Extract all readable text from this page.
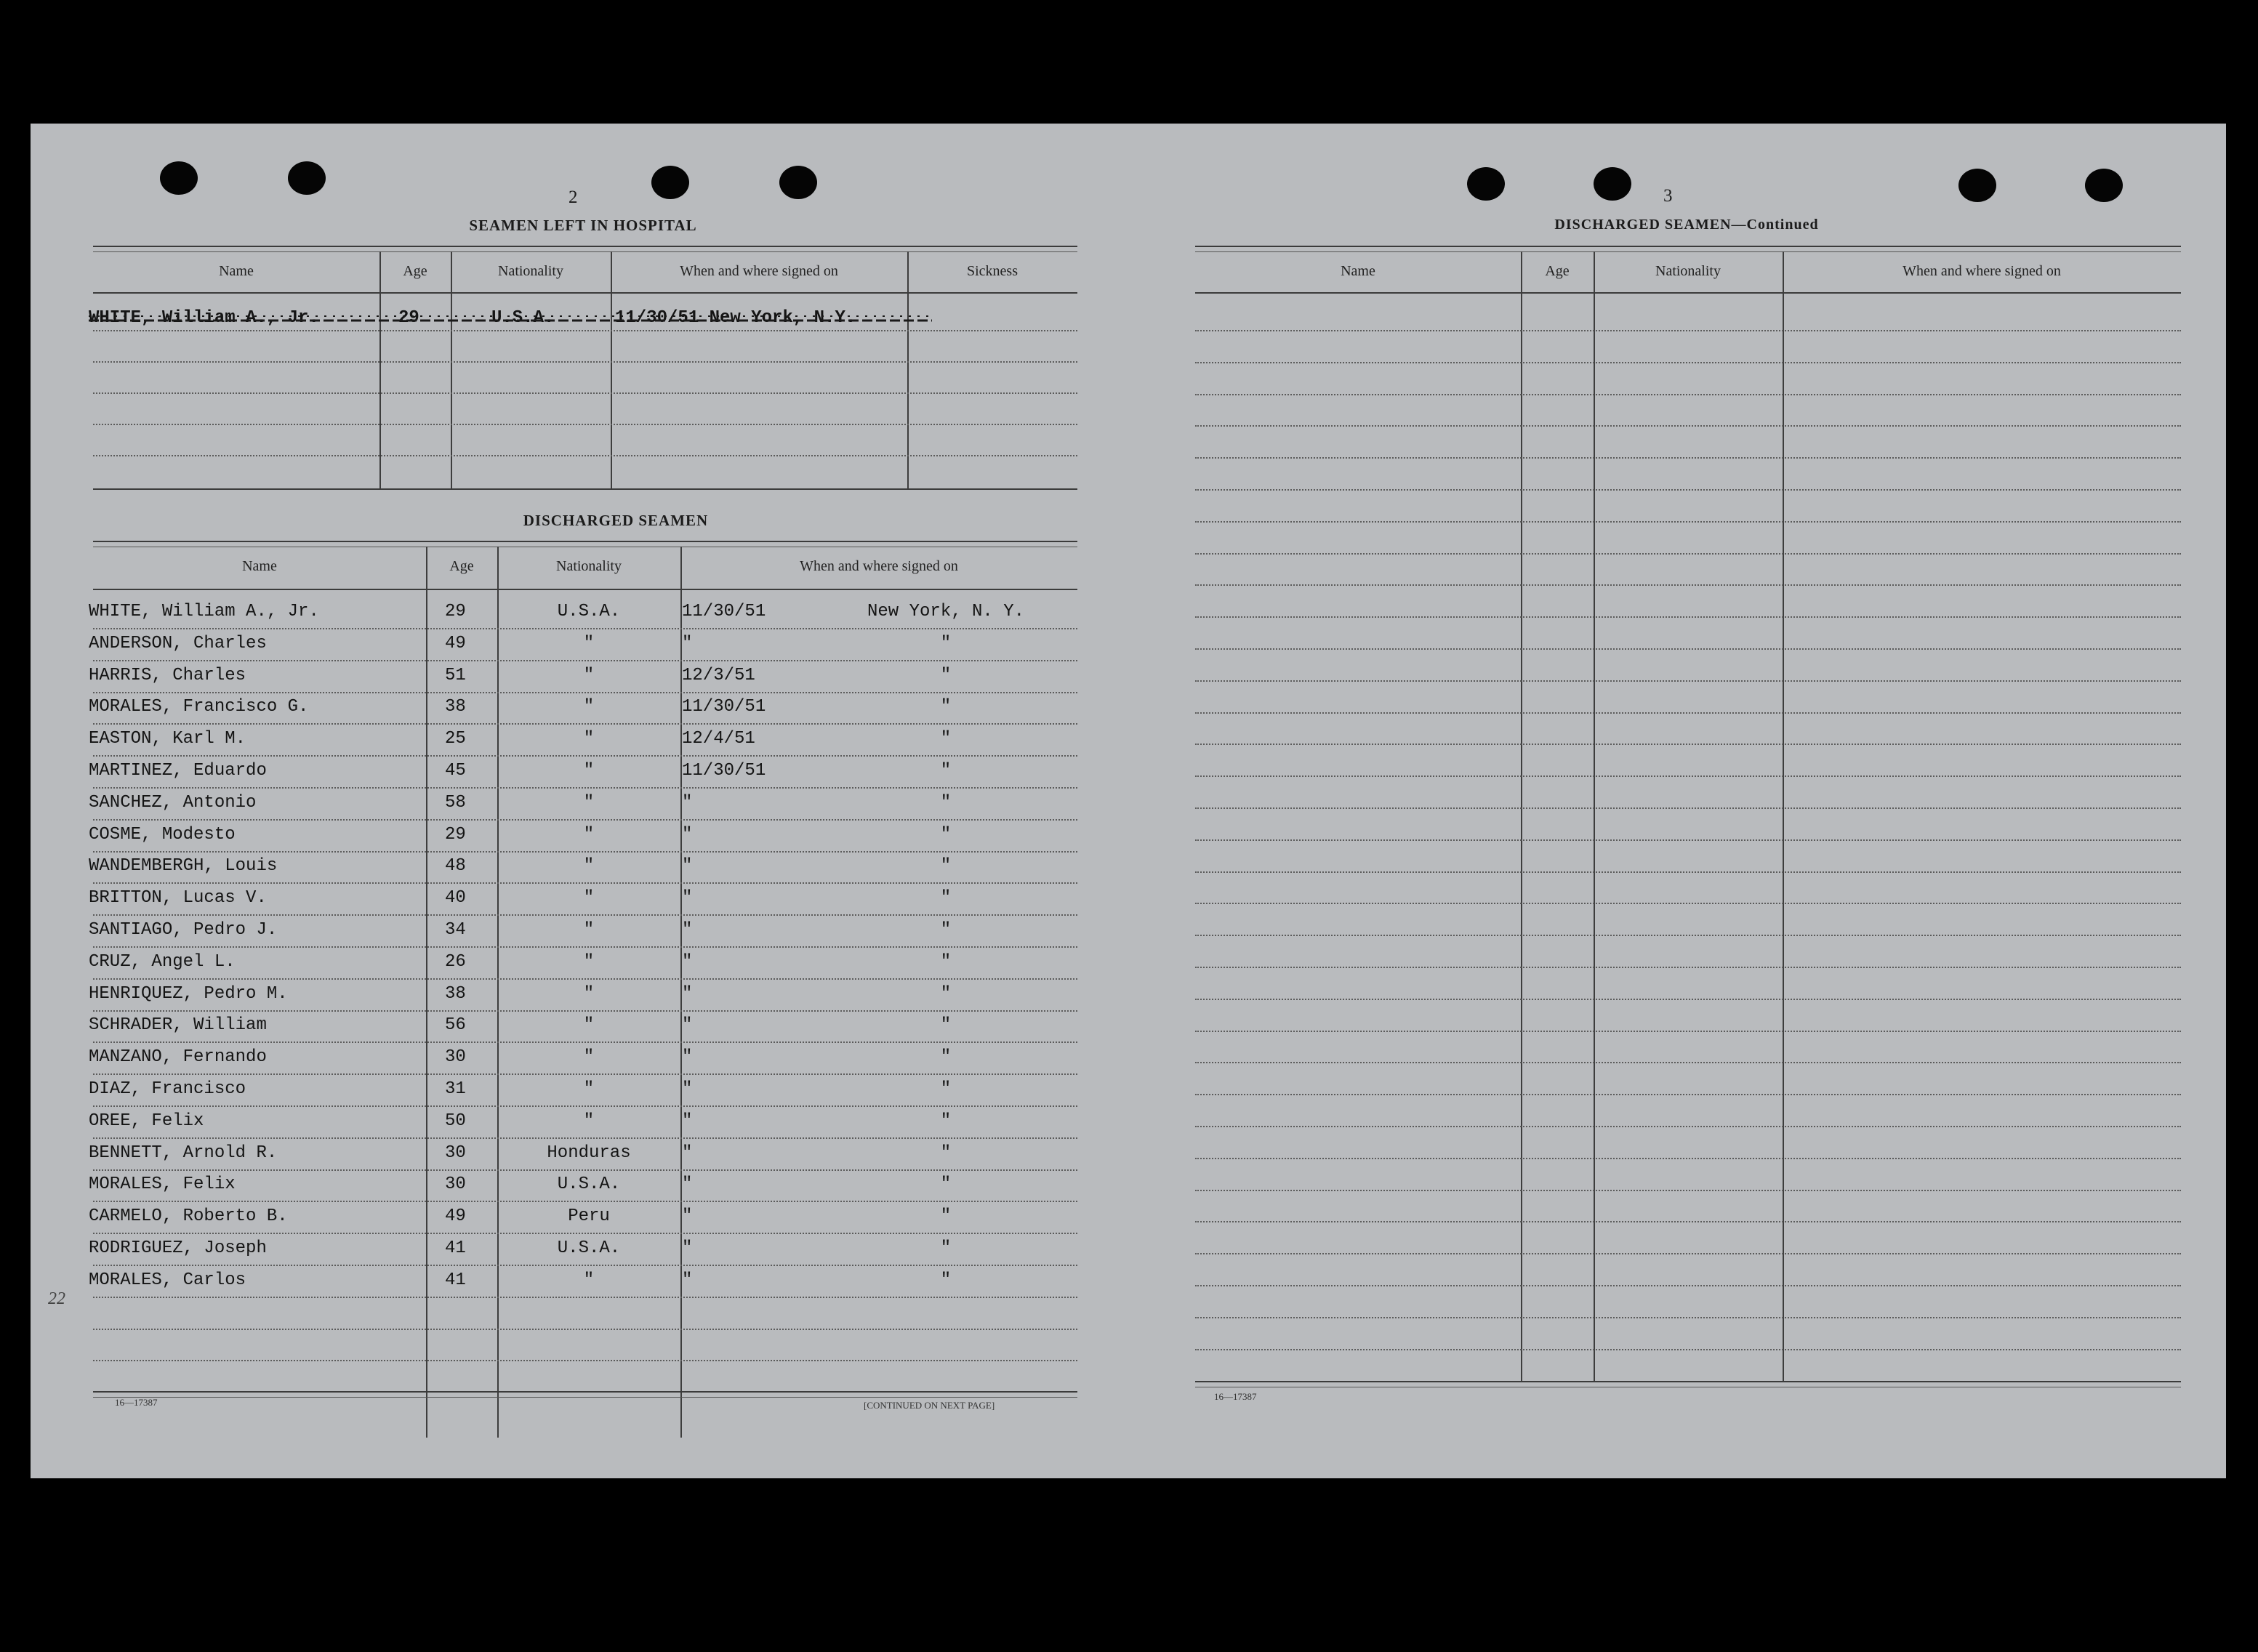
2
SEAMEN LEFT IN HOSPITAL
Name	Age	Nationality	When and where signed on	Sickness
WHITE, William A., Jr.	29	U.S.A.	11/30/51 New York, N.Y.
DISCHARGED SEAMEN
Name	Age	Nationality	When and where signed on
WHITE, William A., Jr.	29	U.S.A.	11/30/51	New York, N. Y.
ANDERSON, Charles	49	"	"	"
HARRIS, Charles	51	"	12/3/51	"
MORALES, Francisco G.	38	"	11/30/51	"
EASTON, Karl M.	25	"	12/4/51	"
MARTINEZ, Eduardo	45	"	11/30/51	"
SANCHEZ, Antonio	58	"	"	"
COSME, Modesto	29	"	"	"
WANDEMBERGH, Louis	48	"	"	"
BRITTON, Lucas V.	40	"	"	"
SANTIAGO, Pedro J.	34	"	"	"
CRUZ, Angel L.	26	"	"	"
HENRIQUEZ, Pedro M.	38	"	"	"
SCHRADER, William	56	"	"	"
MANZANO, Fernando	30	"	"	"
DIAZ, Francisco	31	"	"	"
OREE, Felix	50	"	"	"
BENNETT, Arnold R.	30	Honduras	"	"
MORALES, Felix	30	U.S.A.	"	"
CARMELO, Roberto B.	49	Peru	"	"
RODRIGUEZ, Joseph	41	U.S.A.	"	"
MORALES, Carlos	41	"	"	"
22
16—17387	[CONTINUED ON NEXT PAGE]
3
DISCHARGED SEAMEN—Continued
Name	Age	Nationality	When and where signed on
16—17387
